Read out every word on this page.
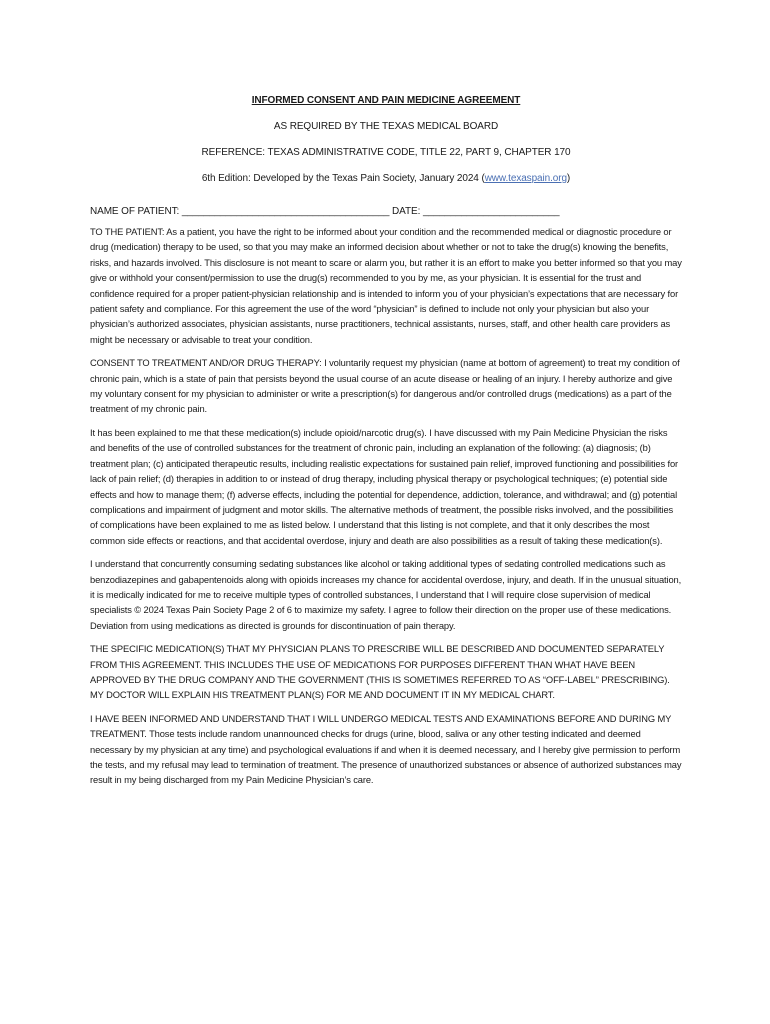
INFORMED CONSENT AND PAIN MEDICINE AGREEMENT
AS REQUIRED BY THE TEXAS MEDICAL BOARD
REFERENCE: TEXAS ADMINISTRATIVE CODE, TITLE 22, PART 9, CHAPTER 170
6th Edition: Developed by the Texas Pain Society, January 2024 (www.texaspain.org)
NAME OF PATIENT: ______________________________________ DATE: _________________________

TO THE PATIENT: As a patient, you have the right to be informed about your condition and the recommended medical or diagnostic procedure or drug (medication) therapy to be used, so that you may make an informed decision about whether or not to take the drug(s) knowing the benefits, risks, and hazards involved. This disclosure is not meant to scare or alarm you, but rather it is an effort to make you better informed so that you may give or withhold your consent/permission to use the drug(s) recommended to you by me, as your physician. It is essential for the trust and confidence required for a proper patient-physician relationship and is intended to inform you of your physician’s expectations that are necessary for patient safety and compliance. For this agreement the use of the word “physician” is defined to include not only your physician but also your physician’s authorized associates, physician assistants, nurse practitioners, technical assistants, nurses, staff, and other health care providers as might be necessary or advisable to treat your condition.

CONSENT TO TREATMENT AND/OR DRUG THERAPY: I voluntarily request my physician (name at bottom of agreement) to treat my condition of chronic pain, which is a state of pain that persists beyond the usual course of an acute disease or healing of an injury. I hereby authorize and give my voluntary consent for my physician to administer or write a prescription(s) for dangerous and/or controlled drugs (medications) as a part of the treatment of my chronic pain.

It has been explained to me that these medication(s) include opioid/narcotic drug(s). I have discussed with my Pain Medicine Physician the risks and benefits of the use of controlled substances for the treatment of chronic pain, including an explanation of the following: (a) diagnosis; (b) treatment plan; (c) anticipated therapeutic results, including realistic expectations for sustained pain relief, improved functioning and possibilities for lack of pain relief; (d) therapies in addition to or instead of drug therapy, including physical therapy or psychological techniques; (e) potential side effects and how to manage them; (f) adverse effects, including the potential for dependence, addiction, tolerance, and withdrawal; and (g) potential complications and impairment of judgment and motor skills. The alternative methods of treatment, the possible risks involved, and the possibilities of complications have been explained to me as listed below. I understand that this listing is not complete, and that it only describes the most common side effects or reactions, and that accidental overdose, injury and death are also possibilities as a result of taking these medication(s).

I understand that concurrently consuming sedating substances like alcohol or taking additional types of sedating controlled medications such as benzodiazepines and gabapentenoids along with opioids increases my chance for accidental overdose, injury, and death. If in the unusual situation, it is medically indicated for me to receive multiple types of controlled substances, I understand that I will require close supervision of medical specialists © 2024 Texas Pain Society Page 2 of 6 to maximize my safety. I agree to follow their direction on the proper use of these medications. Deviation from using medications as directed is grounds for discontinuation of pain therapy.

THE SPECIFIC MEDICATION(S) THAT MY PHYSICIAN PLANS TO PRESCRIBE WILL BE DESCRIBED AND DOCUMENTED SEPARATELY FROM THIS AGREEMENT. THIS INCLUDES THE USE OF MEDICATIONS FOR PURPOSES DIFFERENT THAN WHAT HAVE BEEN APPROVED BY THE DRUG COMPANY AND THE GOVERNMENT (THIS IS SOMETIMES REFERRED TO AS “OFF-LABEL” PRESCRIBING). MY DOCTOR WILL EXPLAIN HIS TREATMENT PLAN(S) FOR ME AND DOCUMENT IT IN MY MEDICAL CHART.

I HAVE BEEN INFORMED AND UNDERSTAND THAT I WILL UNDERGO MEDICAL TESTS AND EXAMINATIONS BEFORE AND DURING MY TREATMENT. Those tests include random unannounced checks for drugs (urine, blood, saliva or any other testing indicated and deemed necessary by my physician at any time) and psychological evaluations if and when it is deemed necessary, and I hereby give permission to perform the tests, and my refusal may lead to termination of treatment. The presence of unauthorized substances or absence of authorized substances may result in my being discharged from my Pain Medicine Physician’s care.
